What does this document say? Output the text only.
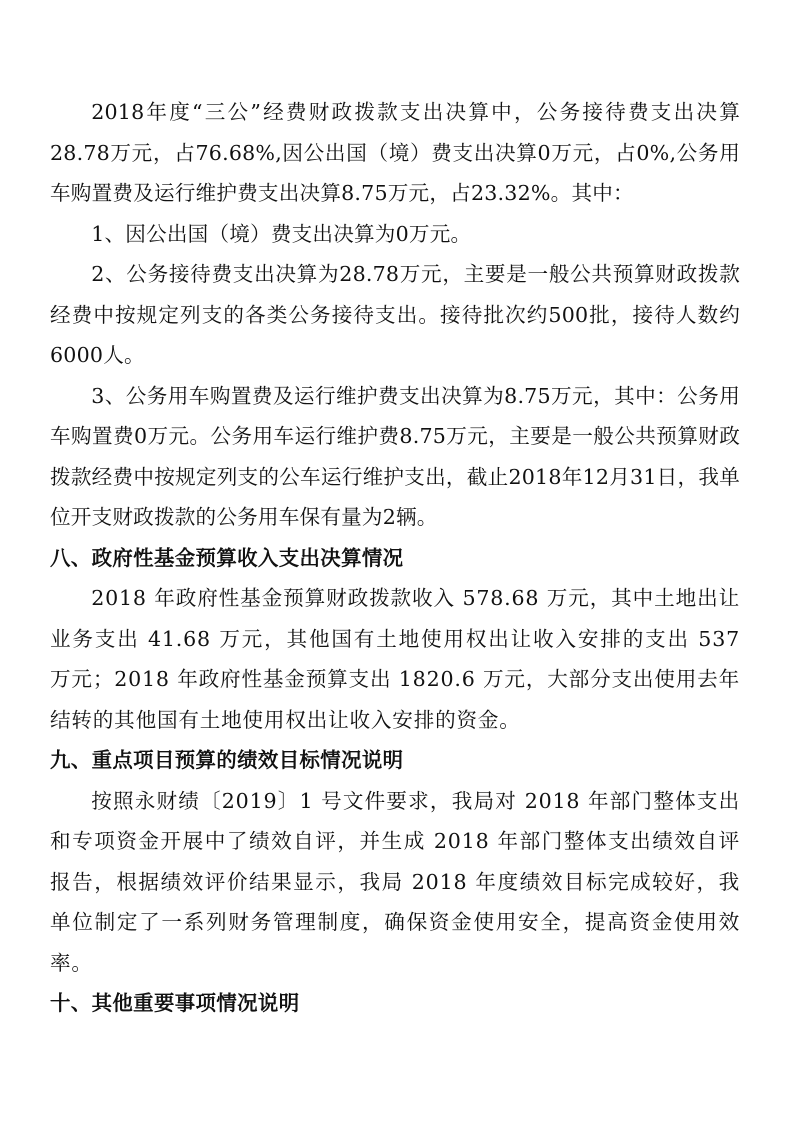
2018年度“三公”经费财政拨款支出决算中，公务接待费支出决算28.78万元，占76.68%,因公出国（境）费支出决算0万元，占0%,公务用车购置费及运行维护费支出决算8.75万元，占23.32%。其中：

1、因公出国（境）费支出决算为0万元。

2、公务接待费支出决算为28.78万元，主要是一般公共预算财政拨款经费中按规定列支的各类公务接待支出。接待批次约500批，接待人数约6000人。

3、公务用车购置费及运行维护费支出决算为8.75万元，其中：公务用车购置费0万元。公务用车运行维护费8.75万元，主要是一般公共预算财政拨款经费中按规定列支的公车运行维护支出，截止2018年12月31日，我单位开支财政拨款的公务用车保有量为2辆。

八、政府性基金预算收入支出决算情况

2018 年政府性基金预算财政拨款收入 578.68 万元，其中土地出让业务支出 41.68 万元，其他国有土地使用权出让收入安排的支出 537 万元；2018 年政府性基金预算支出 1820.6 万元，大部分支出使用去年结转的其他国有土地使用权出让收入安排的资金。

九、重点项目预算的绩效目标情况说明

按照永财绩〔2019〕1 号文件要求，我局对 2018 年部门整体支出和专项资金开展中了绩效自评，并生成 2018 年部门整体支出绩效自评报告，根据绩效评价结果显示，我局 2018 年度绩效目标完成较好，我单位制定了一系列财务管理制度，确保资金使用安全，提高资金使用效率。

十、其他重要事项情况说明
